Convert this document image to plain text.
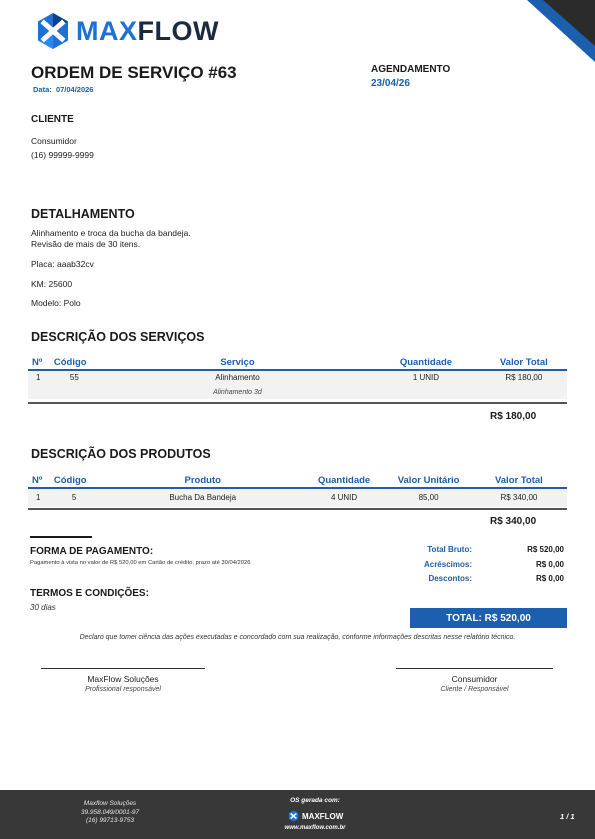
MAXFLOW
ORDEM DE SERVIÇO #63
Data: 07/04/2026
AGENDAMENTO
23/04/26
CLIENTE
Consumidor
(16) 99999-9999
DETALHAMENTO
Alinhamento e troca da bucha da bandeja.
Revisão de mais de 30 itens.
Placa: aaab32cv
KM: 25600
Modelo: Polo
DESCRIÇÃO DOS SERVIÇOS
Nº	Código	Serviço	Quantidade	Valor Total
1	55	Alinhamento	1 UNID	R$ 180,00
		Alinhamento 3d		
R$ 180,00
DESCRIÇÃO DOS PRODUTOS
Nº	Código	Produto	Quantidade	Valor Unitário	Valor Total
1	5	Bucha Da Bandeja	4 UNID	85,00	R$ 340,00
R$ 340,00
FORMA DE PAGAMENTO:
Pagamento à vista no valor de R$ 520,00 em Cartão de crédito, prazo até 30/04/2026
Total Bruto:	R$ 520,00
Acréscimos:	R$ 0,00
Descontos:	R$ 0,00
TERMOS E CONDIÇÕES:
30 dias
TOTAL: R$ 520,00
Declaro que tomei ciência das ações executadas e concordado com sua realização, conforme informações descritas nesse relatório técnico.
MaxFlow Soluções
Profissional responsável
Consumidor
Cliente / Responsável
Maxflow Soluções
39.958.049/0001-97
(16) 99713-9753
OS gerada com:
MAXFLOW
www.maxflow.com.br
1 / 1
